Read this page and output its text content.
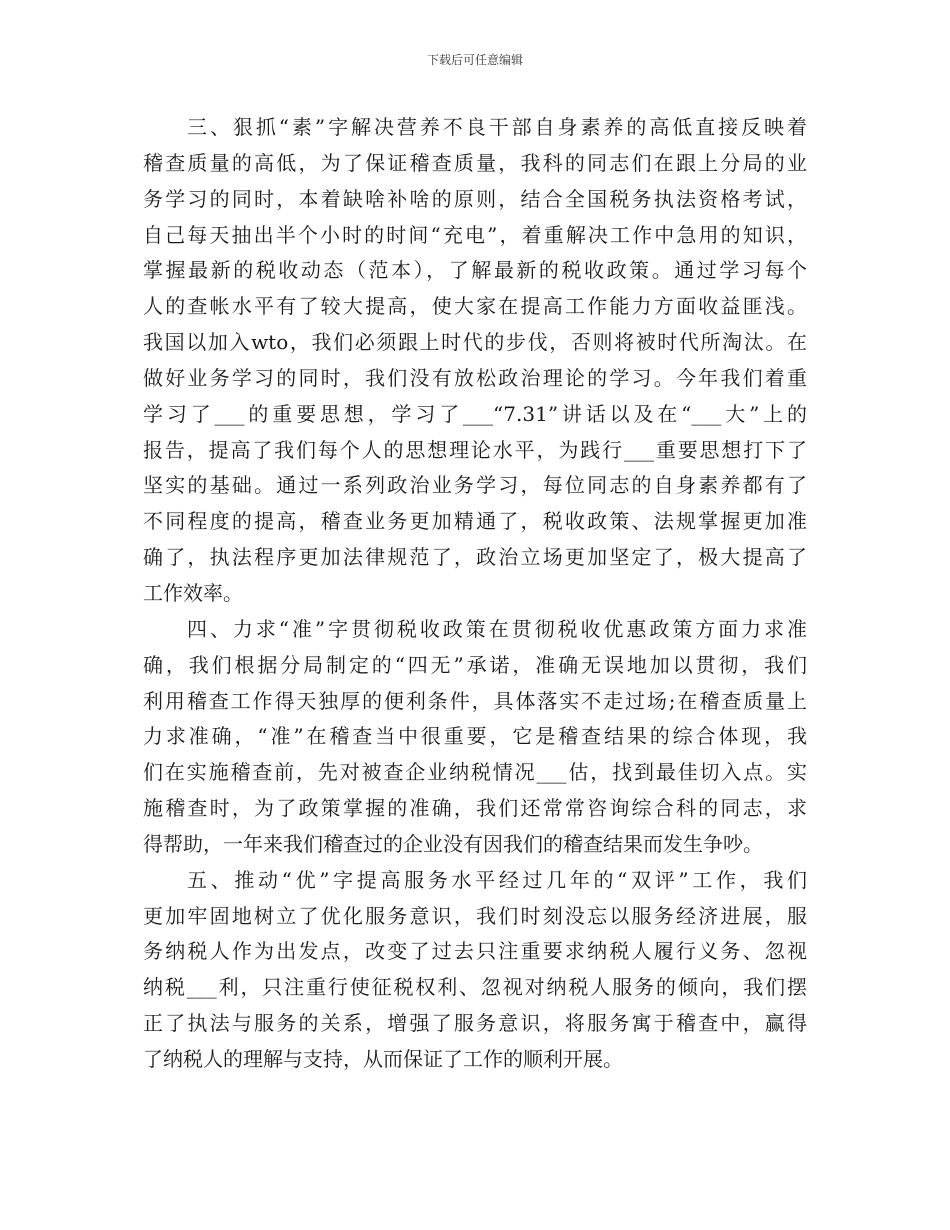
下载后可任意编辑
三、狠抓“素”字解决营养不良干部自身素养的高低直接反映着
稽查质量的高低，为了保证稽查质量，我科的同志们在跟上分局的业
务学习的同时，本着缺啥补啥的原则，结合全国税务执法资格考试，
自己每天抽出半个小时的时间“充电”，着重解决工作中急用的知识，
掌握最新的税收动态（范本），了解最新的税收政策。通过学习每个
人的查帐水平有了较大提高，使大家在提高工作能力方面收益匪浅。
我国以加入wto，我们必须跟上时代的步伐，否则将被时代所淘汰。在
做好业务学习的同时，我们没有放松政治理论的学习。今年我们着重
学习了___的重要思想，学习了___“7.31”讲话以及在“___大”上的
报告，提高了我们每个人的思想理论水平，为践行___重要思想打下了
坚实的基础。通过一系列政治业务学习，每位同志的自身素养都有了
不同程度的提高，稽查业务更加精通了，税收政策、法规掌握更加准
确了，执法程序更加法律规范了，政治立场更加坚定了，极大提高了
工作效率。
四、力求“准”字贯彻税收政策在贯彻税收优惠政策方面力求准
确，我们根据分局制定的“四无”承诺，准确无误地加以贯彻，我们
利用稽查工作得天独厚的便利条件，具体落实不走过场;在稽查质量上
力求准确，“准”在稽查当中很重要，它是稽查结果的综合体现，我
们在实施稽查前，先对被查企业纳税情况___估，找到最佳切入点。实
施稽查时，为了政策掌握的准确，我们还常常咨询综合科的同志，求
得帮助，一年来我们稽查过的企业没有因我们的稽查结果而发生争吵。
五、推动“优”字提高服务水平经过几年的“双评”工作，我们
更加牢固地树立了优化服务意识，我们时刻没忘以服务经济进展，服
务纳税人作为出发点，改变了过去只注重要求纳税人履行义务、忽视
纳税___利，只注重行使征税权利、忽视对纳税人服务的倾向，我们摆
正了执法与服务的关系，增强了服务意识，将服务寓于稽查中，赢得
了纳税人的理解与支持，从而保证了工作的顺利开展。
